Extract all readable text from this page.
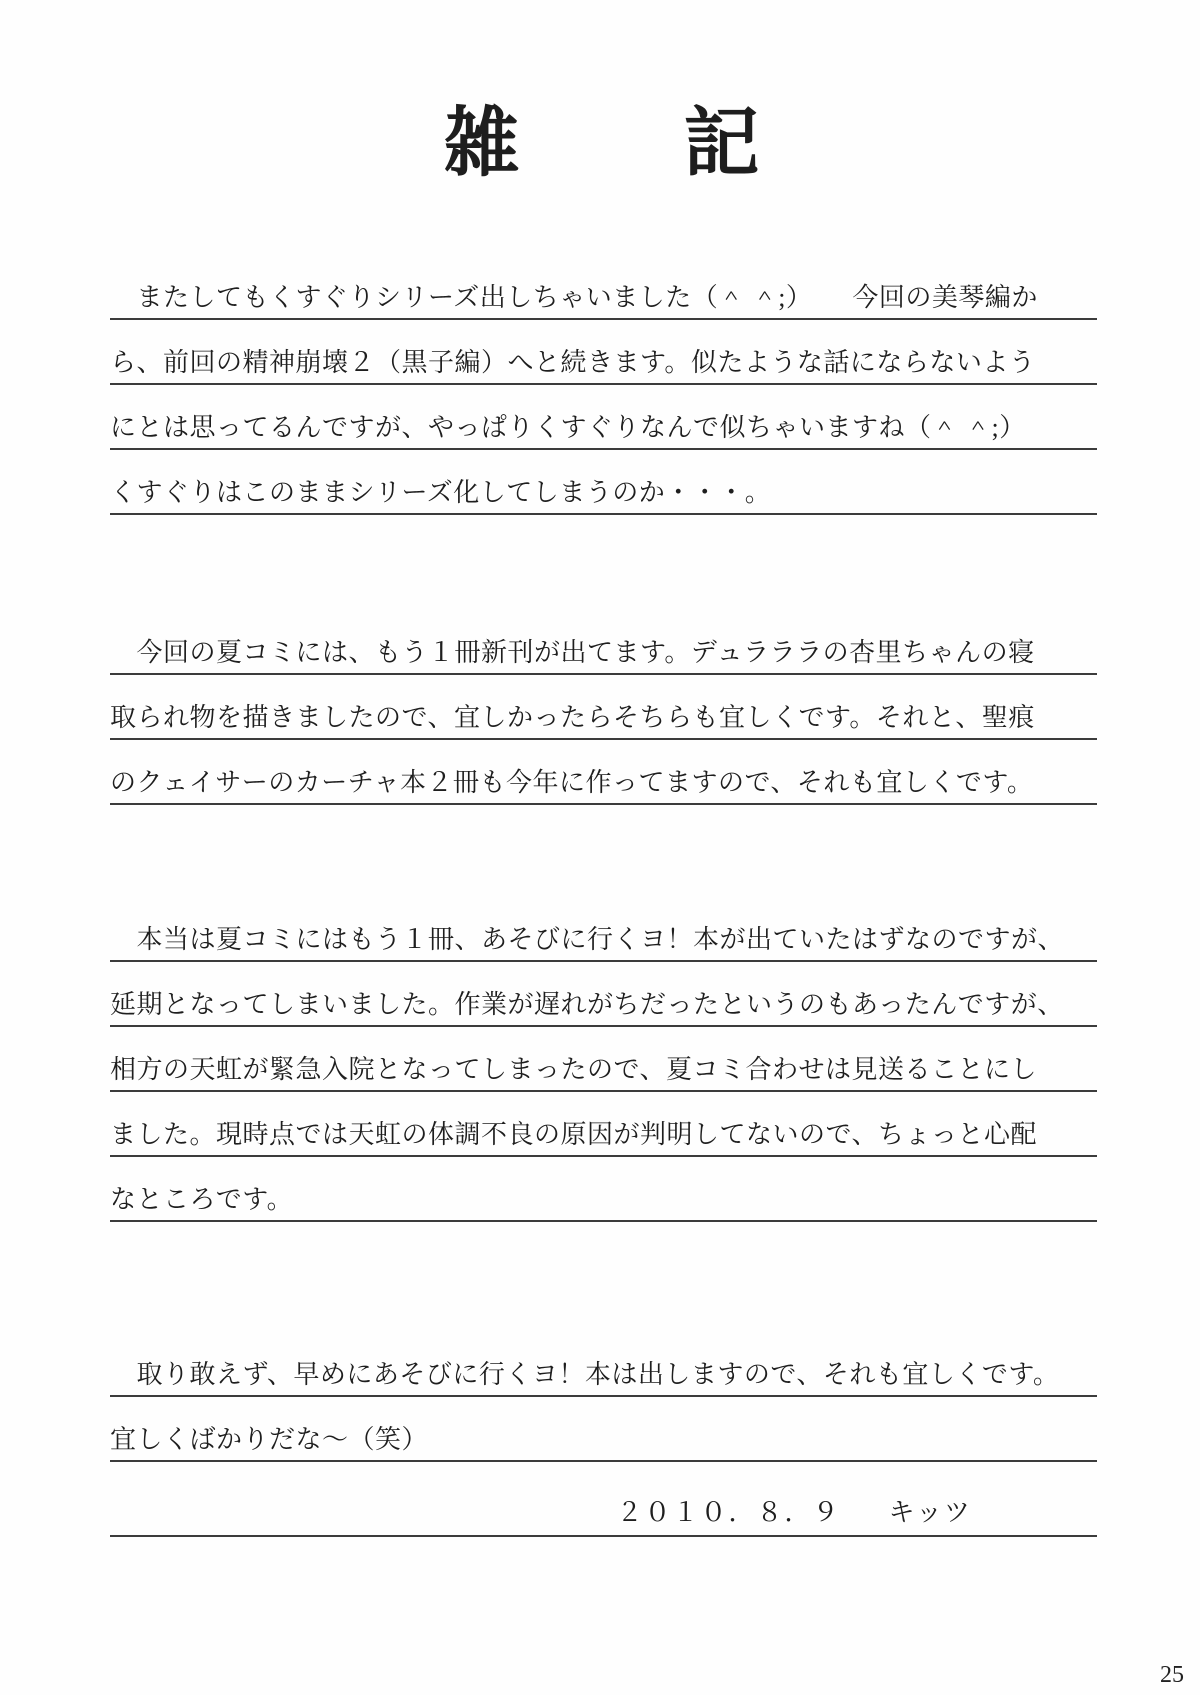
雑　　記
　またしてもくすぐりシリーズ出しちゃいました（＾ ＾;）　　今回の美琴編か
ら、前回の精神崩壊２（黒子編）へと続きます。似たような話にならないよう
にとは思ってるんですが、やっぱりくすぐりなんで似ちゃいますね（＾ ＾;）
くすぐりはこのままシリーズ化してしまうのか・・・。
　今回の夏コミには、もう１冊新刊が出てます。デュラララの杏里ちゃんの寝
取られ物を描きましたので、宜しかったらそちらも宜しくです。それと、聖痕
のクェイサーのカーチャ本２冊も今年に作ってますので、それも宜しくです。
　本当は夏コミにはもう１冊、あそびに行くヨ！本が出ていたはずなのですが、
延期となってしまいました。作業が遅れがちだったというのもあったんですが、
相方の天虹が緊急入院となってしまったので、夏コミ合わせは見送ることにし
ました。現時点では天虹の体調不良の原因が判明してないので、ちょっと心配
なところです。
　取り敢えず、早めにあそびに行くヨ！本は出しますので、それも宜しくです。
宜しくばかりだな〜（笑）
２０１０．８．９ キッツ
25
